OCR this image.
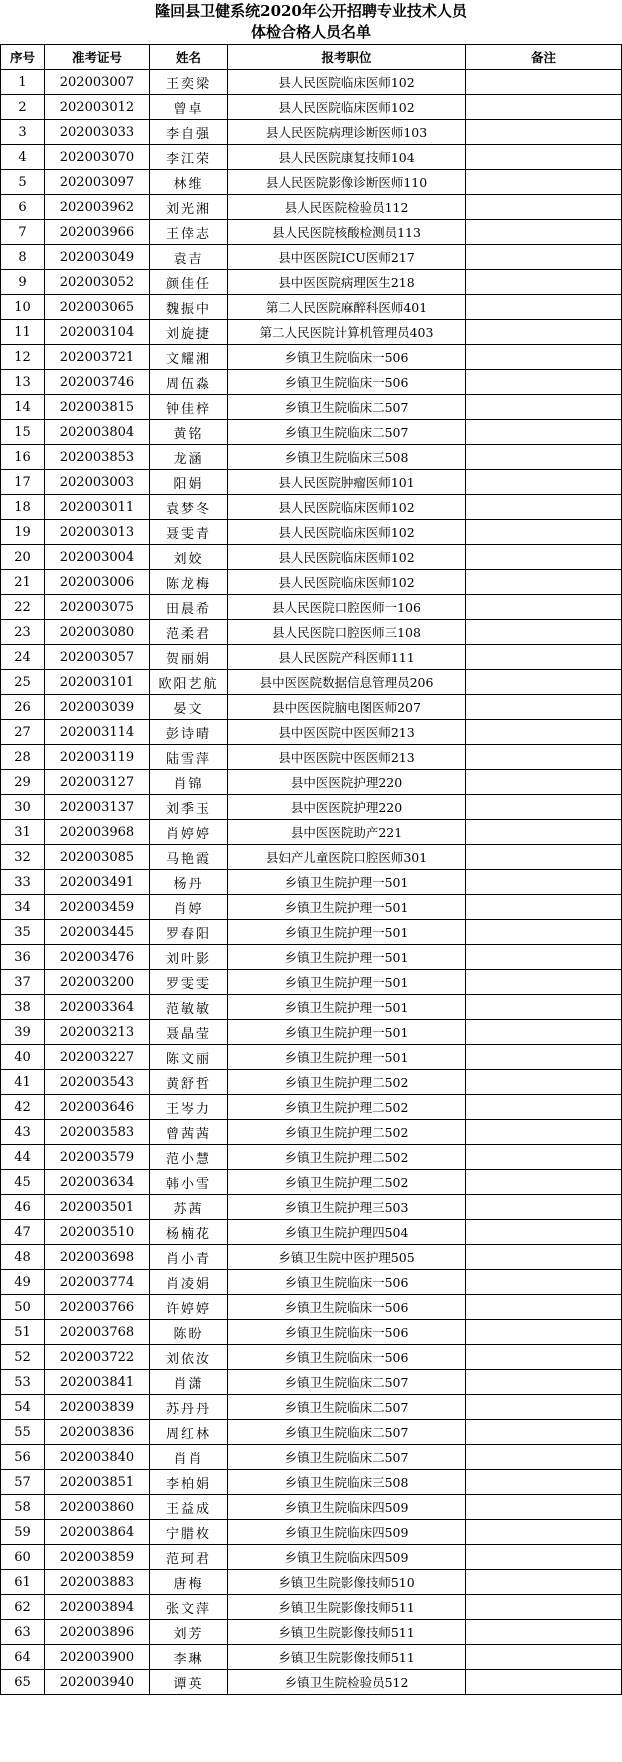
隆回县卫健系统2020年公开招聘专业技术人员
体检合格人员名单
序号	准考证号	姓名	报考职位	备注
1	202003007	王奕梁	县人民医院临床医师102	
2	202003012	曾卓	县人民医院临床医师102	
3	202003033	李自强	县人民医院病理诊断医师103	
4	202003070	李江荣	县人民医院康复技师104	
5	202003097	林维	县人民医院影像诊断医师110	
6	202003962	刘光湘	县人民医院检验员112	
7	202003966	王倖志	县人民医院核酸检测员113	
8	202003049	袁吉	县中医医院ICU医师217	
9	202003052	颜佳任	县中医医院病理医生218	
10	202003065	魏振中	第二人民医院麻醉科医师401	
11	202003104	刘旋捷	第二人民医院计算机管理员403	
12	202003721	文耀湘	乡镇卫生院临床一506	
13	202003746	周伍淼	乡镇卫生院临床一506	
14	202003815	钟佳梓	乡镇卫生院临床二507	
15	202003804	黄铭	乡镇卫生院临床二507	
16	202003853	龙涵	乡镇卫生院临床三508	
17	202003003	阳娟	县人民医院肿瘤医师101	
18	202003011	袁梦冬	县人民医院临床医师102	
19	202003013	聂雯青	县人民医院临床医师102	
20	202003004	刘姣	县人民医院临床医师102	
21	202003006	陈龙梅	县人民医院临床医师102	
22	202003075	田晨希	县人民医院口腔医师一106	
23	202003080	范柔君	县人民医院口腔医师三108	
24	202003057	贺丽娟	县人民医院产科医师111	
25	202003101	欧阳艺航	县中医医院数据信息管理员206	
26	202003039	晏文	县中医医院脑电图医师207	
27	202003114	彭诗晴	县中医医院中医医师213	
28	202003119	陆雪萍	县中医医院中医医师213	
29	202003127	肖锦	县中医医院护理220	
30	202003137	刘季玉	县中医医院护理220	
31	202003968	肖婷婷	县中医医院助产221	
32	202003085	马艳霞	县妇产儿童医院口腔医师301	
33	202003491	杨丹	乡镇卫生院护理一501	
34	202003459	肖婷	乡镇卫生院护理一501	
35	202003445	罗春阳	乡镇卫生院护理一501	
36	202003476	刘叶影	乡镇卫生院护理一501	
37	202003200	罗雯雯	乡镇卫生院护理一501	
38	202003364	范敏敏	乡镇卫生院护理一501	
39	202003213	聂晶莹	乡镇卫生院护理一501	
40	202003227	陈文丽	乡镇卫生院护理一501	
41	202003543	黄舒哲	乡镇卫生院护理二502	
42	202003646	王岑力	乡镇卫生院护理二502	
43	202003583	曾茜茜	乡镇卫生院护理二502	
44	202003579	范小慧	乡镇卫生院护理二502	
45	202003634	韩小雪	乡镇卫生院护理二502	
46	202003501	苏茜	乡镇卫生院护理三503	
47	202003510	杨楠花	乡镇卫生院护理四504	
48	202003698	肖小青	乡镇卫生院中医护理505	
49	202003774	肖凌娟	乡镇卫生院临床一506	
50	202003766	许婷婷	乡镇卫生院临床一506	
51	202003768	陈盼	乡镇卫生院临床一506	
52	202003722	刘依汝	乡镇卫生院临床一506	
53	202003841	肖潇	乡镇卫生院临床二507	
54	202003839	苏丹丹	乡镇卫生院临床二507	
55	202003836	周红林	乡镇卫生院临床二507	
56	202003840	肖肖	乡镇卫生院临床二507	
57	202003851	李柏娟	乡镇卫生院临床三508	
58	202003860	王益成	乡镇卫生院临床四509	
59	202003864	宁腊枚	乡镇卫生院临床四509	
60	202003859	范珂君	乡镇卫生院临床四509	
61	202003883	唐梅	乡镇卫生院影像技师510	
62	202003894	张文萍	乡镇卫生院影像技师511	
63	202003896	刘芳	乡镇卫生院影像技师511	
64	202003900	李琳	乡镇卫生院影像技师511	
65	202003940	谭英	乡镇卫生院检验员512	
